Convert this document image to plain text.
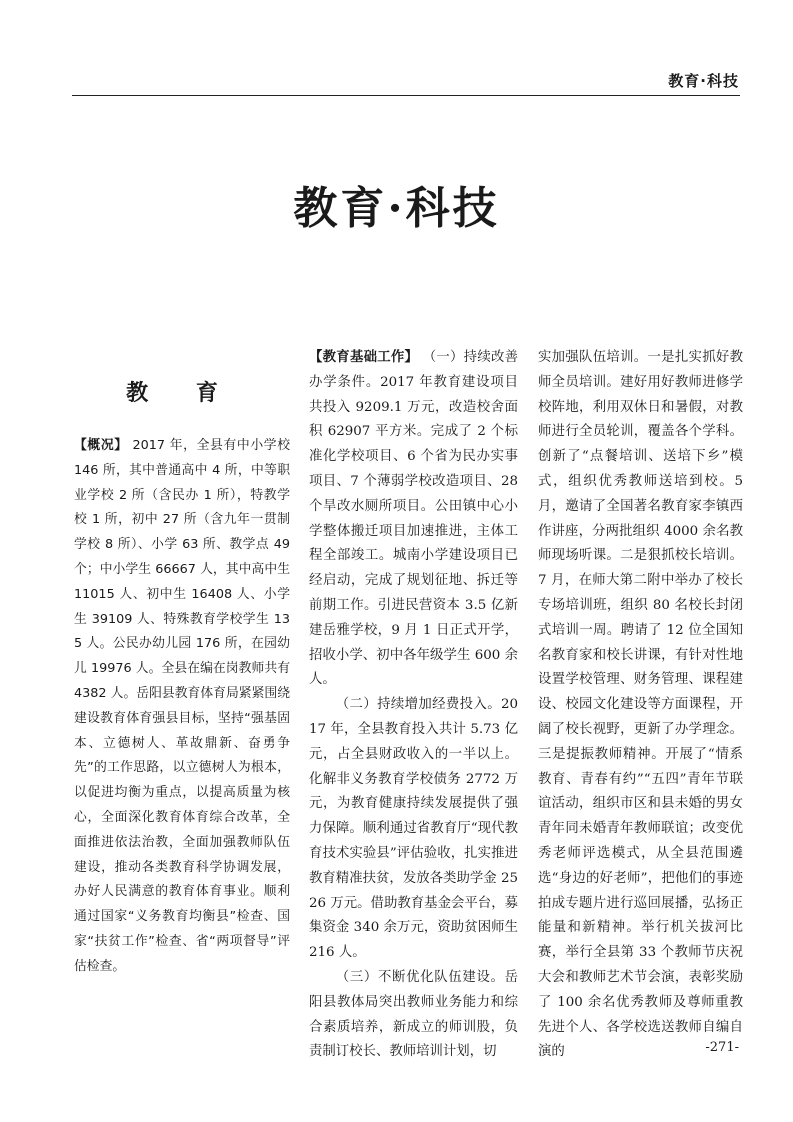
教育·科技
教育·科技
教 育

【概况】 2017 年，全县有中小学校 146 所，其中普通高中 4 所，中等职业学校 2 所（含民办 1 所），特教学校 1 所，初中 27 所（含九年一贯制学校 8 所）、小学 63 所、教学点 49 个；中小学生 66667 人，其中高中生 11015 人、初中生 16408 人、小学生 39109 人、特殊教育学校学生 135 人。公民办幼儿园 176 所，在园幼儿 19976 人。全县在编在岗教师共有 4382 人。岳阳县教育体育局紧紧围绕建设教育体育强县目标，坚持“强基固本、立德树人、革故鼎新、奋勇争先”的工作思路，以立德树人为根本，以促进均衡为重点，以提高质量为核心，全面深化教育体育综合改革，全面推进依法治教，全面加强教师队伍建设，推动各类教育科学协调发展，办好人民满意的教育体育事业。顺利通过国家“义务教育均衡县”检查、国家“扶贫工作”检查、省“两项督导”评估检查。

【教育基础工作】 （一）持续改善办学条件。2017 年教育建设项目共投入 9209.1 万元，改造校舍面积 62907 平方米。完成了 2 个标准化学校项目、6 个省为民办实事项目、7 个薄弱学校改造项目、28 个旱改水厕所项目。公田镇中心小学整体搬迁项目加速推进，主体工程全部竣工。城南小学建设项目已经启动，完成了规划征地、拆迁等前期工作。引进民营资本 3.5 亿新建岳雅学校，9 月 1 日正式开学，招收小学、初中各年级学生 600 余人。

（二）持续增加经费投入。2017 年，全县教育投入共计 5.73 亿元，占全县财政收入的一半以上。化解非义务教育学校债务 2772 万元，为教育健康持续发展提供了强力保障。顺利通过省教育厅“现代教育技术实验县”评估验收，扎实推进教育精准扶贫，发放各类助学金 2526 万元。借助教育基金会平台，募集资金 340 余万元，资助贫困师生 216 人。

（三）不断优化队伍建设。岳阳县教体局突出教师业务能力和综合素质培养，新成立的师训股，负责制订校长、教师培训计划，切

实加强队伍培训。一是扎实抓好教师全员培训。建好用好教师进修学校阵地，利用双休日和暑假，对教师进行全员轮训，覆盖各个学科。创新了“点餐培训、送培下乡”模式，组织优秀教师送培到校。5 月，邀请了全国著名教育家李镇西作讲座，分两批组织 4000 余名教师现场听课。二是狠抓校长培训。7 月，在师大第二附中举办了校长专场培训班，组织 80 名校长封闭式培训一周。聘请了 12 位全国知名教育家和校长讲课，有针对性地设置学校管理、财务管理、课程建设、校园文化建设等方面课程，开阔了校长视野，更新了办学理念。三是提振教师精神。开展了“情系教育、青春有约”“五四”青年节联谊活动，组织市区和县未婚的男女青年同未婚青年教师联谊；改变优秀老师评选模式，从全县范围遴选“身边的好老师”，把他们的事迹拍成专题片进行巡回展播，弘扬正能量和新精神。举行机关拔河比赛，举行全县第 33 个教师节庆祝大会和教师艺术节会演，表彰奖励了 100 余名优秀教师及尊师重教先进个人、各学校选送教师自编自演的	-271-
